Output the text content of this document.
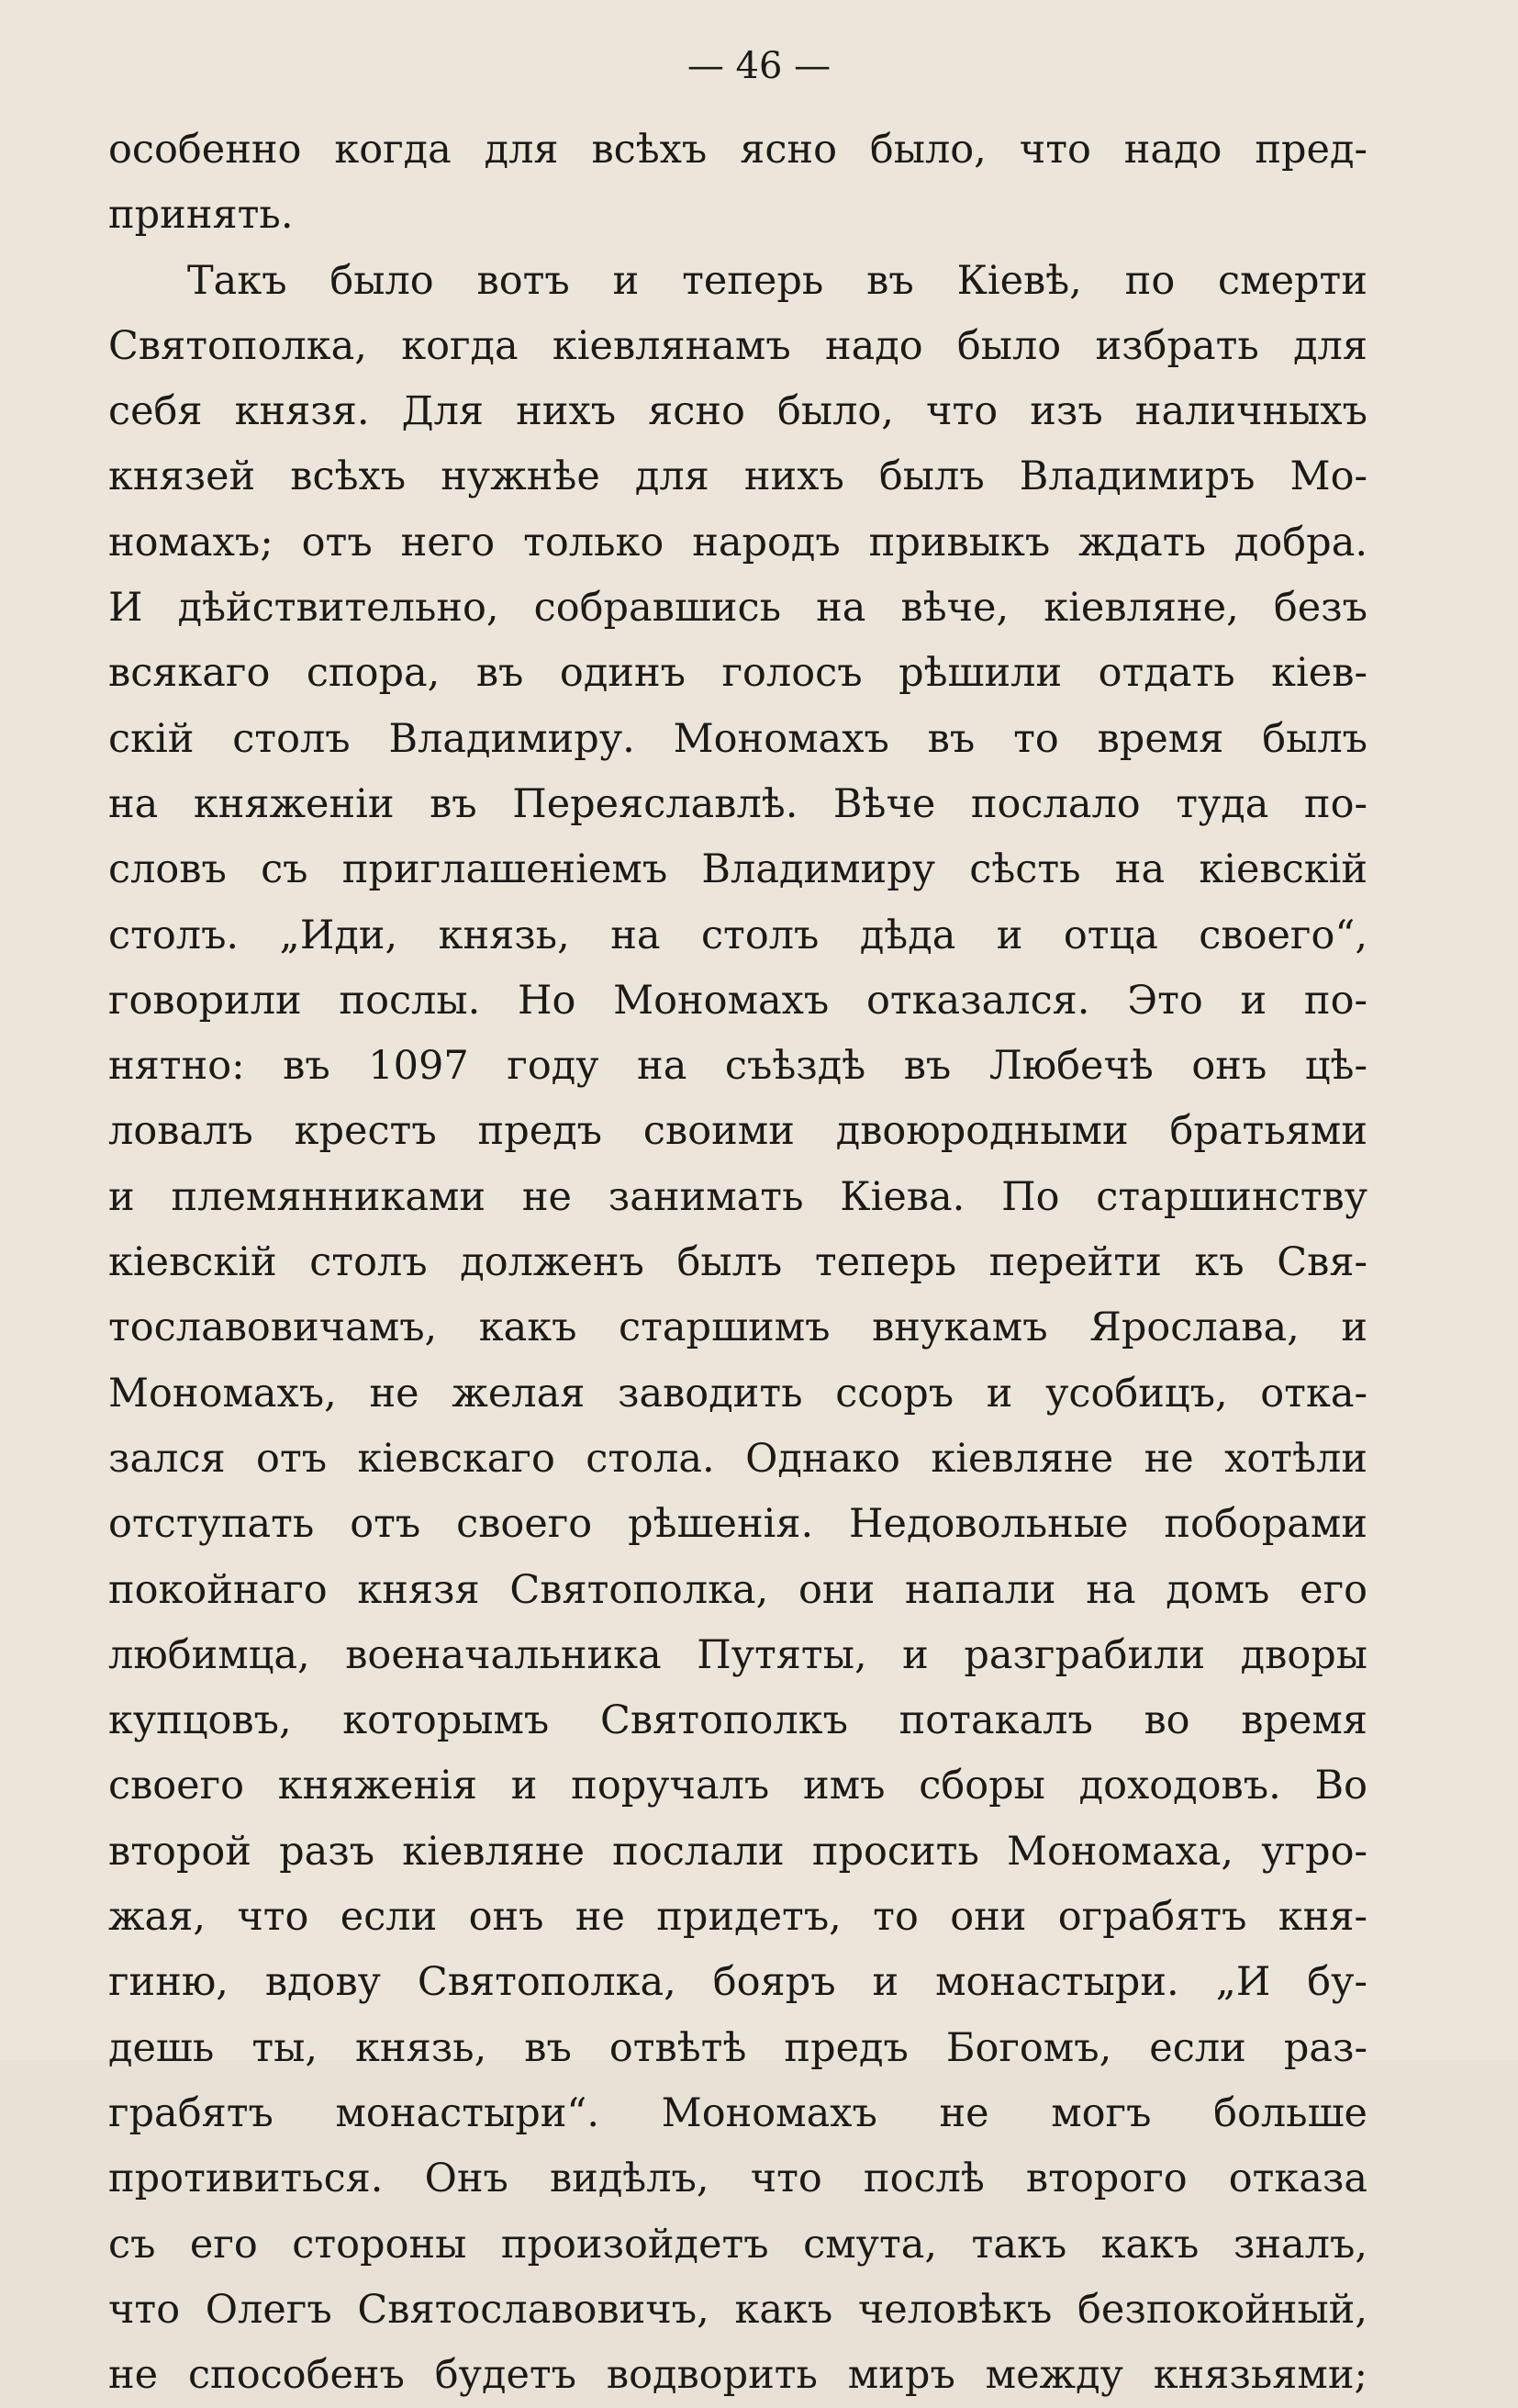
— 46 —
особенно когда для всѣхъ ясно было, что надо пред-
принять.
Такъ было вотъ и теперь въ Кіевѣ, по смерти
Святополка, когда кіевлянамъ надо было избрать для
себя князя. Для нихъ ясно было, что изъ наличныхъ
князей всѣхъ нужнѣе для нихъ былъ Владимиръ Мо-
номахъ; отъ него только народъ привыкъ ждать добра.
И дѣйствительно, собравшись на вѣче, кіевляне, безъ
всякаго спора, въ одинъ голосъ рѣшили отдать кіев-
скій столъ Владимиру. Мономахъ въ то время былъ
на княженіи въ Переяславлѣ. Вѣче послало туда по-
словъ съ приглашеніемъ Владимиру сѣсть на кіевскій
столъ. „Иди, князь, на столъ дѣда и отца своего“,
говорили послы. Но Мономахъ отказался. Это и по-
нятно: въ 1097 году на съѣздѣ въ Любечѣ онъ цѣ-
ловалъ крестъ предъ своими двоюродными братьями
и племянниками не занимать Кіева. По старшинству
кіевскій столъ долженъ былъ теперь перейти къ Свя-
тославовичамъ, какъ старшимъ внукамъ Ярослава, и
Мономахъ, не желая заводить ссоръ и усобицъ, отка-
зался отъ кіевскаго стола. Однако кіевляне не хотѣли
отступать отъ своего рѣшенія. Недовольные поборами
покойнаго князя Святополка, они напали на домъ его
любимца, военачальника Путяты, и разграбили дворы
купцовъ, которымъ Святополкъ потакалъ во время
своего княженія и поручалъ имъ сборы доходовъ. Во
второй разъ кіевляне послали просить Мономаха, угро-
жая, что если онъ не придетъ, то они ограбятъ кня-
гиню, вдову Святополка, бояръ и монастыри. „И бу-
дешь ты, князь, въ отвѣтѣ предъ Богомъ, если раз-
грабятъ монастыри“. Мономахъ не могъ больше
противиться. Онъ видѣлъ, что послѣ второго отказа
съ его стороны произойдетъ смута, такъ какъ зналъ,
что Олегъ Святославовичъ, какъ человѣкъ безпокойный,
не способенъ будетъ водворить миръ между князьями;
